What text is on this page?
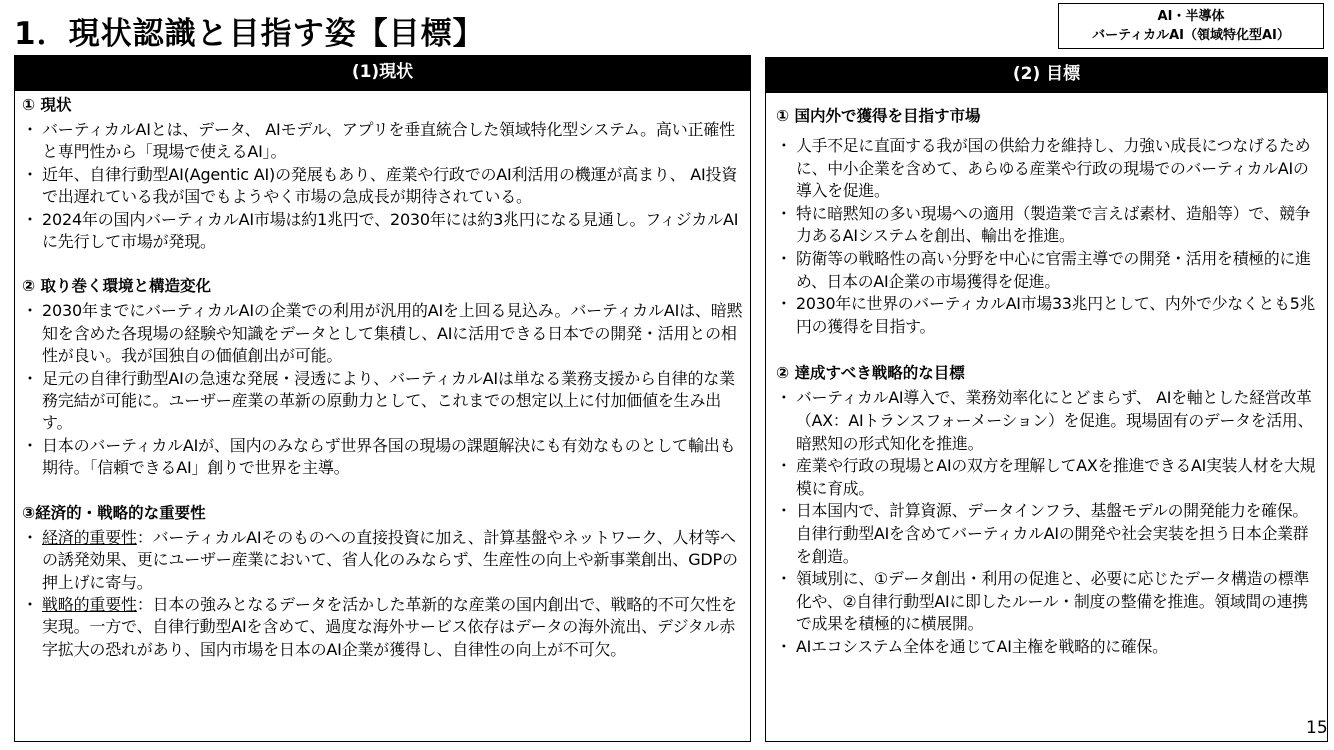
1．現状認識と目指す姿【目標】	AI・半導体
バーティカルAI（領域特化型AI）
(1)現状
① 現状
・ バーティカルAIとは、データ、 AIモデル、アプリを垂直統合した領域特化型システム。高い正確性と専門性から「現場で使えるAI」。
・ 近年、自律行動型AI(Agentic AI)の発展もあり、産業や行政でのAI利活用の機運が高まり、 AI投資で出遅れている我が国でもようやく市場の急成長が期待されている。
・ 2024年の国内バーティカルAI市場は約1兆円で、2030年には約3兆円になる見通し。フィジカルAIに先行して市場が発現。
② 取り巻く環境と構造変化
・ 2030年までにバーティカルAIの企業での利用が汎用的AIを上回る見込み。バーティカルAIは、暗黙知を含めた各現場の経験や知識をデータとして集積し、AIに活用できる日本での開発・活用との相性が良い。我が国独自の価値創出が可能。
・ 足元の自律行動型AIの急速な発展・浸透により、バーティカルAIは単なる業務支援から自律的な業務完結が可能に。ユーザー産業の革新の原動力として、これまでの想定以上に付加価値を生み出す。
・ 日本のバーティカルAIが、国内のみならず世界各国の現場の課題解決にも有効なものとして輸出も期待。「信頼できるAI」創りで世界を主導。
③経済的・戦略的な重要性
・ 経済的重要性：バーティカルAIそのものへの直接投資に加え、計算基盤やネットワーク、人材等への誘発効果、更にユーザー産業において、省人化のみならず、生産性の向上や新事業創出、GDPの押上げに寄与。
・ 戦略的重要性：日本の強みとなるデータを活かした革新的な産業の国内創出で、戦略的不可欠性を実現。一方で、自律行動型AIを含めて、過度な海外サービス依存はデータの海外流出、デジタル赤字拡大の恐れがあり、国内市場を日本のAI企業が獲得し、自律性の向上が不可欠。
(2) 目標
① 国内外で獲得を目指す市場
・ 人手不足に直面する我が国の供給力を維持し、力強い成長につなげるために、中小企業を含めて、あらゆる産業や行政の現場でのバーティカルAIの導入を促進。
・ 特に暗黙知の多い現場への適用（製造業で言えば素材、造船等）で、競争力あるAIシステムを創出、輸出を推進。
・ 防衛等の戦略性の高い分野を中心に官需主導での開発・活用を積極的に進め、日本のAI企業の市場獲得を促進。
・ 2030年に世界のバーティカルAI市場33兆円として、内外で少なくとも5兆円の獲得を目指す。
② 達成すべき戦略的な目標
・ バーティカルAI導入で、業務効率化にとどまらず、 AIを軸とした経営改革（AX：AIトランスフォーメーション）を促進。現場固有のデータを活用、暗黙知の形式知化を推進。
・ 産業や行政の現場とAIの双方を理解してAXを推進できるAI実装人材を大規模に育成。
・ 日本国内で、計算資源、データインフラ、基盤モデルの開発能力を確保。自律行動型AIを含めてバーティカルAIの開発や社会実装を担う日本企業群を創造。
・ 領域別に、①データ創出・利用の促進と、必要に応じたデータ構造の標準化や、②自律行動型AIに即したルール・制度の整備を推進。領域間の連携で成果を積極的に横展開。
・ AIエコシステム全体を通じてAI主権を戦略的に確保。
15
